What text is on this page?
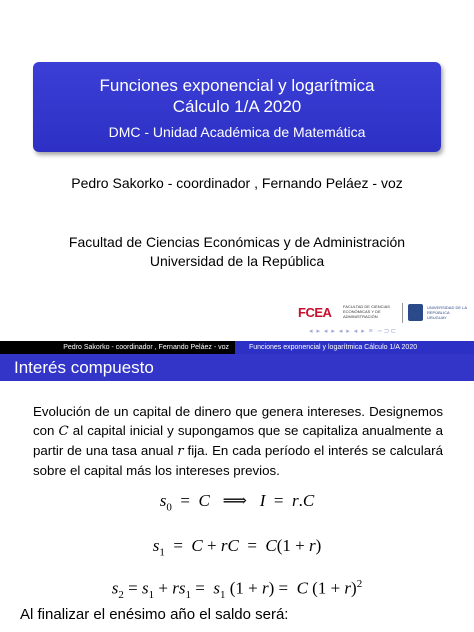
Funciones exponencial y logarítmica
Cálculo 1/A 2020
DMC - Unidad Académica de Matemática
Pedro Sakorko - coordinador , Fernando Peláez - voz
Facultad de Ciencias Económicas y de Administración
Universidad de la República
FCEA	FACULTAD DE CIENCIAS ECONÓMICAS Y DE ADMINISTRACIÓN
UNIVERSIDAD DE LA REPÚBLICA URUGUAY
◂ ▸ ◂ ▸ ◂ ▸ ◂ ▸ ≡ ∽⊃⊂
Pedro Sakorko - coordinador , Fernando Peláez - voz	Funciones exponencial y logarítmica Cálculo 1/A 2020
Interés compuesto
Evolución de un capital de dinero que genera intereses. Designemos con C al capital inicial y supongamos que se capitaliza anualmente a partir de una tasa anual r fija. En cada período el interés se calculará sobre el capital más los intereses previos.
$s_0 = C$   ⟹   I  =  r.C
$s_1 = C$ + rC  =  C(1 + r)
$s_2 = s_1 + rs_1 = s_1$ (1 + r) =  C $(1 + r)^2$
Al finalizar el enésimo año el saldo será:
